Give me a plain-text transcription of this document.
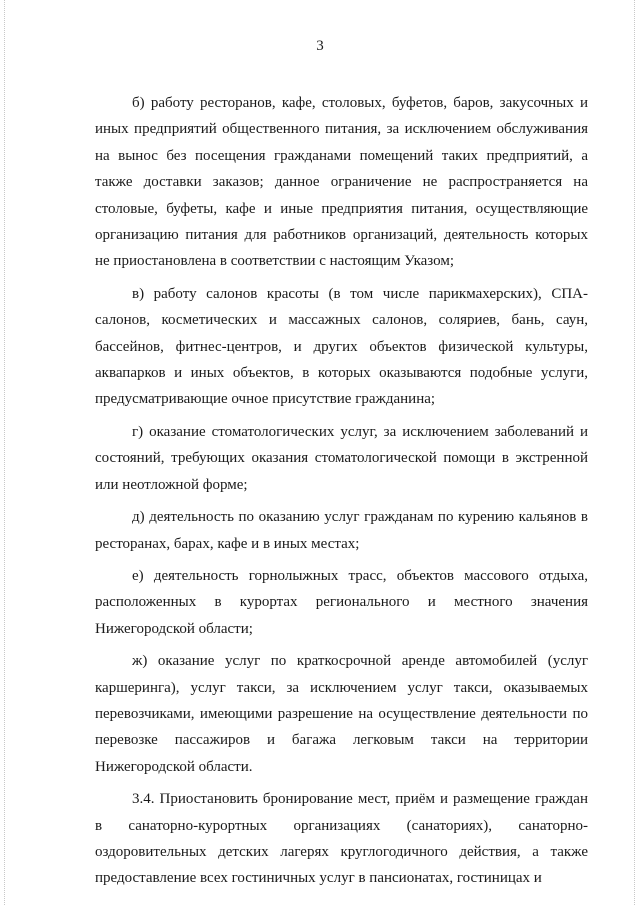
3

б) работу ресторанов, кафе, столовых, буфетов, баров, закусочных и иных предприятий общественного питания, за исключением обслуживания на вынос без посещения гражданами помещений таких предприятий, а также доставки заказов; данное ограничение не распространяется на столовые, буфеты, кафе и иные предприятия питания, осуществляющие организацию питания для работников организаций, деятельность которых не приостановлена в соответствии с настоящим Указом;

в) работу салонов красоты (в том числе парикмахерских), СПА-салонов, косметических и массажных салонов, соляриев, бань, саун, бассейнов, фитнес-центров, и других объектов физической культуры, аквапарков и иных объектов, в которых оказываются подобные услуги, предусматривающие очное присутствие гражданина;

г) оказание стоматологических услуг, за исключением заболеваний и состояний, требующих оказания стоматологической помощи в экстренной или неотложной форме;

д) деятельность по оказанию услуг гражданам по курению кальянов в ресторанах, барах, кафе и в иных местах;

е) деятельность горнолыжных трасс, объектов массового отдыха, расположенных в курортах регионального и местного значения Нижегородской области;

ж) оказание услуг по краткосрочной аренде автомобилей (услуг каршеринга), услуг такси, за исключением услуг такси, оказываемых перевозчиками, имеющими разрешение на осуществление деятельности по перевозке пассажиров и багажа легковым такси на территории Нижегородской области.

3.4. Приостановить бронирование мест, приём и размещение граждан в санаторно-курортных организациях (санаториях), санаторно-оздоровительных детских лагерях круглогодичного действия, а также предоставление всех гостиничных услуг в пансионатах, гостиницах и
